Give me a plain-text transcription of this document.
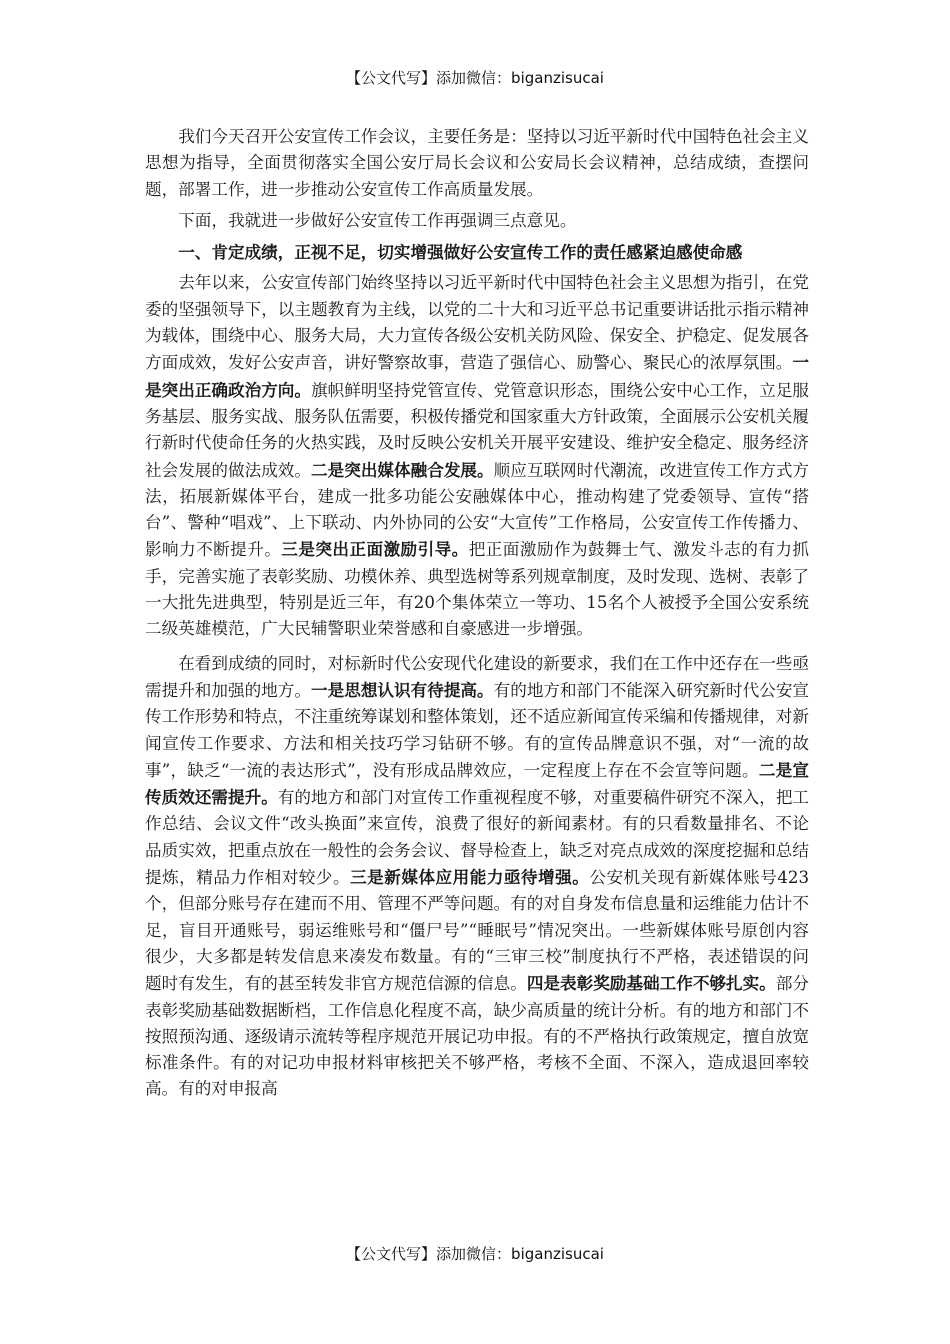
【公文代写】添加微信：biganzisucai

我们今天召开公安宣传工作会议，主要任务是：坚持以习近平新时代中国特色社会主义思想为指导，全面贯彻落实全国公安厅局长会议和公安局长会议精神，总结成绩，查摆问题，部署工作，进一步推动公安宣传工作高质量发展。

下面，我就进一步做好公安宣传工作再强调三点意见。

一、肯定成绩，正视不足，切实增强做好公安宣传工作的责任感紧迫感使命感

去年以来，公安宣传部门始终坚持以习近平新时代中国特色社会主义思想为指引，在党委的坚强领导下，以主题教育为主线，以党的二十大和习近平总书记重要讲话批示指示精神为载体，围绕中心、服务大局，大力宣传各级公安机关防风险、保安全、护稳定、促发展各方面成效，发好公安声音，讲好警察故事，营造了强信心、励警心、聚民心的浓厚氛围。一是突出正确政治方向。旗帜鲜明坚持党管宣传、党管意识形态，围绕公安中心工作，立足服务基层、服务实战、服务队伍需要，积极传播党和国家重大方针政策，全面展示公安机关履行新时代使命任务的火热实践，及时反映公安机关开展平安建设、维护安全稳定、服务经济社会发展的做法成效。二是突出媒体融合发展。顺应互联网时代潮流，改进宣传工作方式方法，拓展新媒体平台，建成一批多功能公安融媒体中心，推动构建了党委领导、宣传“搭台”、警种“唱戏”、上下联动、内外协同的公安“大宣传”工作格局，公安宣传工作传播力、影响力不断提升。三是突出正面激励引导。把正面激励作为鼓舞士气、激发斗志的有力抓手，完善实施了表彰奖励、功模休养、典型选树等系列规章制度，及时发现、选树、表彰了一大批先进典型，特别是近三年，有20个集体荣立一等功、15名个人被授予全国公安系统二级英雄模范，广大民辅警职业荣誉感和自豪感进一步增强。

在看到成绩的同时，对标新时代公安现代化建设的新要求，我们在工作中还存在一些亟需提升和加强的地方。一是思想认识有待提高。有的地方和部门不能深入研究新时代公安宣传工作形势和特点，不注重统筹谋划和整体策划，还不适应新闻宣传采编和传播规律，对新闻宣传工作要求、方法和相关技巧学习钻研不够。有的宣传品牌意识不强，对“一流的故事”，缺乏“一流的表达形式”，没有形成品牌效应，一定程度上存在不会宣等问题。二是宣传质效还需提升。有的地方和部门对宣传工作重视程度不够，对重要稿件研究不深入，把工作总结、会议文件“改头换面”来宣传，浪费了很好的新闻素材。有的只看数量排名、不论品质实效，把重点放在一般性的会务会议、督导检查上，缺乏对亮点成效的深度挖掘和总结提炼，精品力作相对较少。三是新媒体应用能力亟待增强。公安机关现有新媒体账号423个，但部分账号存在建而不用、管理不严等问题。有的对自身发布信息量和运维能力估计不足，盲目开通账号，弱运维账号和“僵尸号”“睡眠号”情况突出。一些新媒体账号原创内容很少，大多都是转发信息来凑发布数量。有的“三审三校”制度执行不严格，表述错误的问题时有发生，有的甚至转发非官方规范信源的信息。四是表彰奖励基础工作不够扎实。部分表彰奖励基础数据断档，工作信息化程度不高，缺少高质量的统计分析。有的地方和部门不按照预沟通、逐级请示流转等程序规范开展记功申报。有的不严格执行政策规定，擅自放宽标准条件。有的对记功申报材料审核把关不够严格，考核不全面、不深入，造成退回率较高。有的对申报高

【公文代写】添加微信：biganzisucai
